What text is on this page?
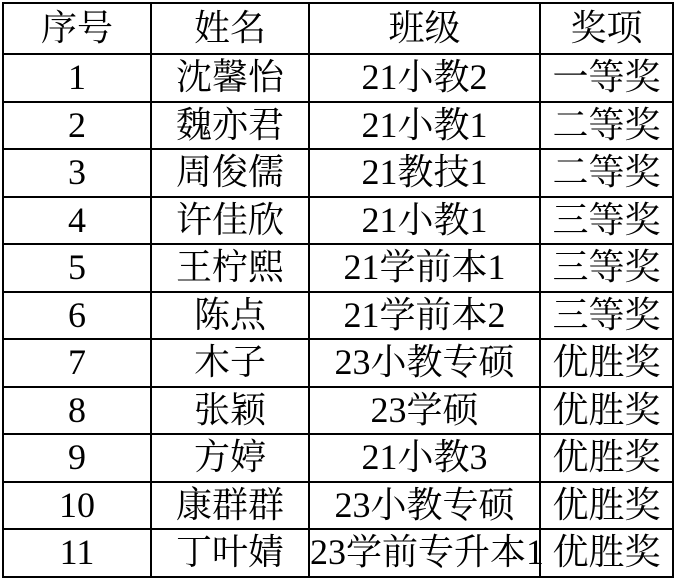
序号	姓名	班级	奖项
1	沈馨怡	21小教2	一等奖
2	魏亦君	21小教1	二等奖
3	周俊儒	21教技1	二等奖
4	许佳欣	21小教1	三等奖
5	王柠熙	21学前本1	三等奖
6	陈点	21学前本2	三等奖
7	木子	23小教专硕	优胜奖
8	张颖	23学硕	优胜奖
9	方婷	21小教3	优胜奖
10	康群群	23小教专硕	优胜奖
11	丁叶婧	23学前专升本1	优胜奖
